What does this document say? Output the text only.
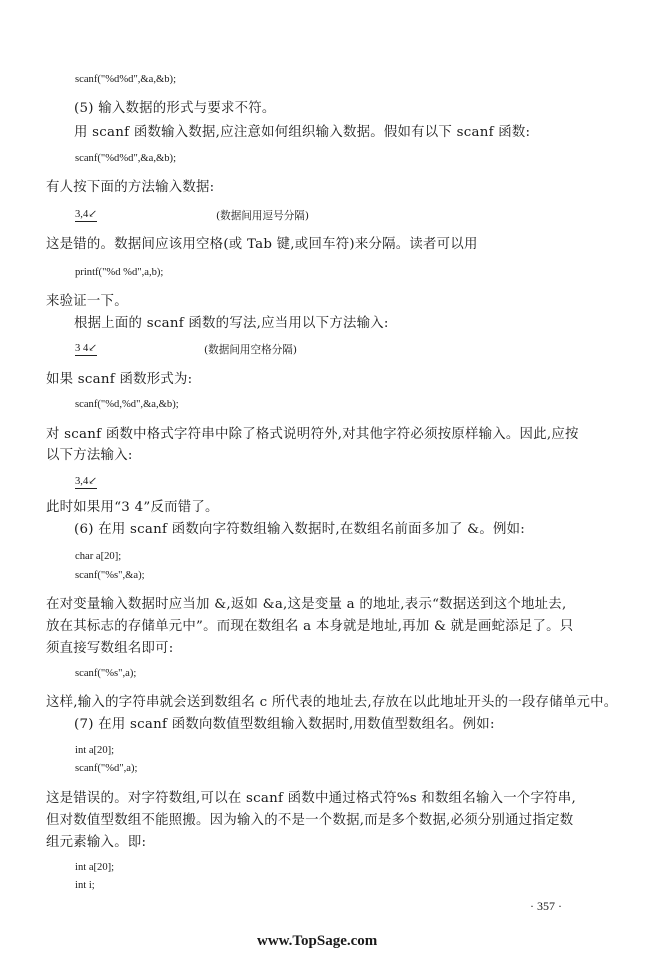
scanf("%d%d",&a,&b);
(5) 输入数据的形式与要求不符。
用 scanf 函数输入数据,应注意如何组织输入数据。假如有以下 scanf 函数:
scanf("%d%d",&a,&b);
有人按下面的方法输入数据:
3,4↙	(数据间用逗号分隔)
这是错的。数据间应该用空格(或 Tab 键,或回车符)来分隔。读者可以用
printf("%d %d",a,b);
来验证一下。
根据上面的 scanf 函数的写法,应当用以下方法输入:
3 4↙	(数据间用空格分隔)
如果 scanf 函数形式为:
scanf("%d,%d",&a,&b);
对 scanf 函数中格式字符串中除了格式说明符外,对其他字符必须按原样输入。因此,应按
以下方法输入:
3,4↙
此时如果用“3 4”反而错了。
(6) 在用 scanf 函数向字符数组输入数据时,在数组名前面多加了 &。例如:
char a[20];
scanf("%s",&a);
在对变量输入数据时应当加 &,返如 &a,这是变量 a 的地址,表示“数据送到这个地址去,
放在其标志的存储单元中”。而现在数组名 a 本身就是地址,再加 & 就是画蛇添足了。只
须直接写数组名即可:
scanf("%s",a);
这样,输入的字符串就会送到数组名 c 所代表的地址去,存放在以此地址开头的一段存储单元中。
(7) 在用 scanf 函数向数值型数组输入数据时,用数值型数组名。例如:
int a[20];
scanf("%d",a);
这是错误的。对字符数组,可以在 scanf 函数中通过格式符%s 和数组名输入一个字符串,
但对数值型数组不能照搬。因为输入的不是一个数据,而是多个数据,必须分别通过指定数
组元素输入。即:
int a[20];
int i;
· 357 ·
www.TopSage.com
